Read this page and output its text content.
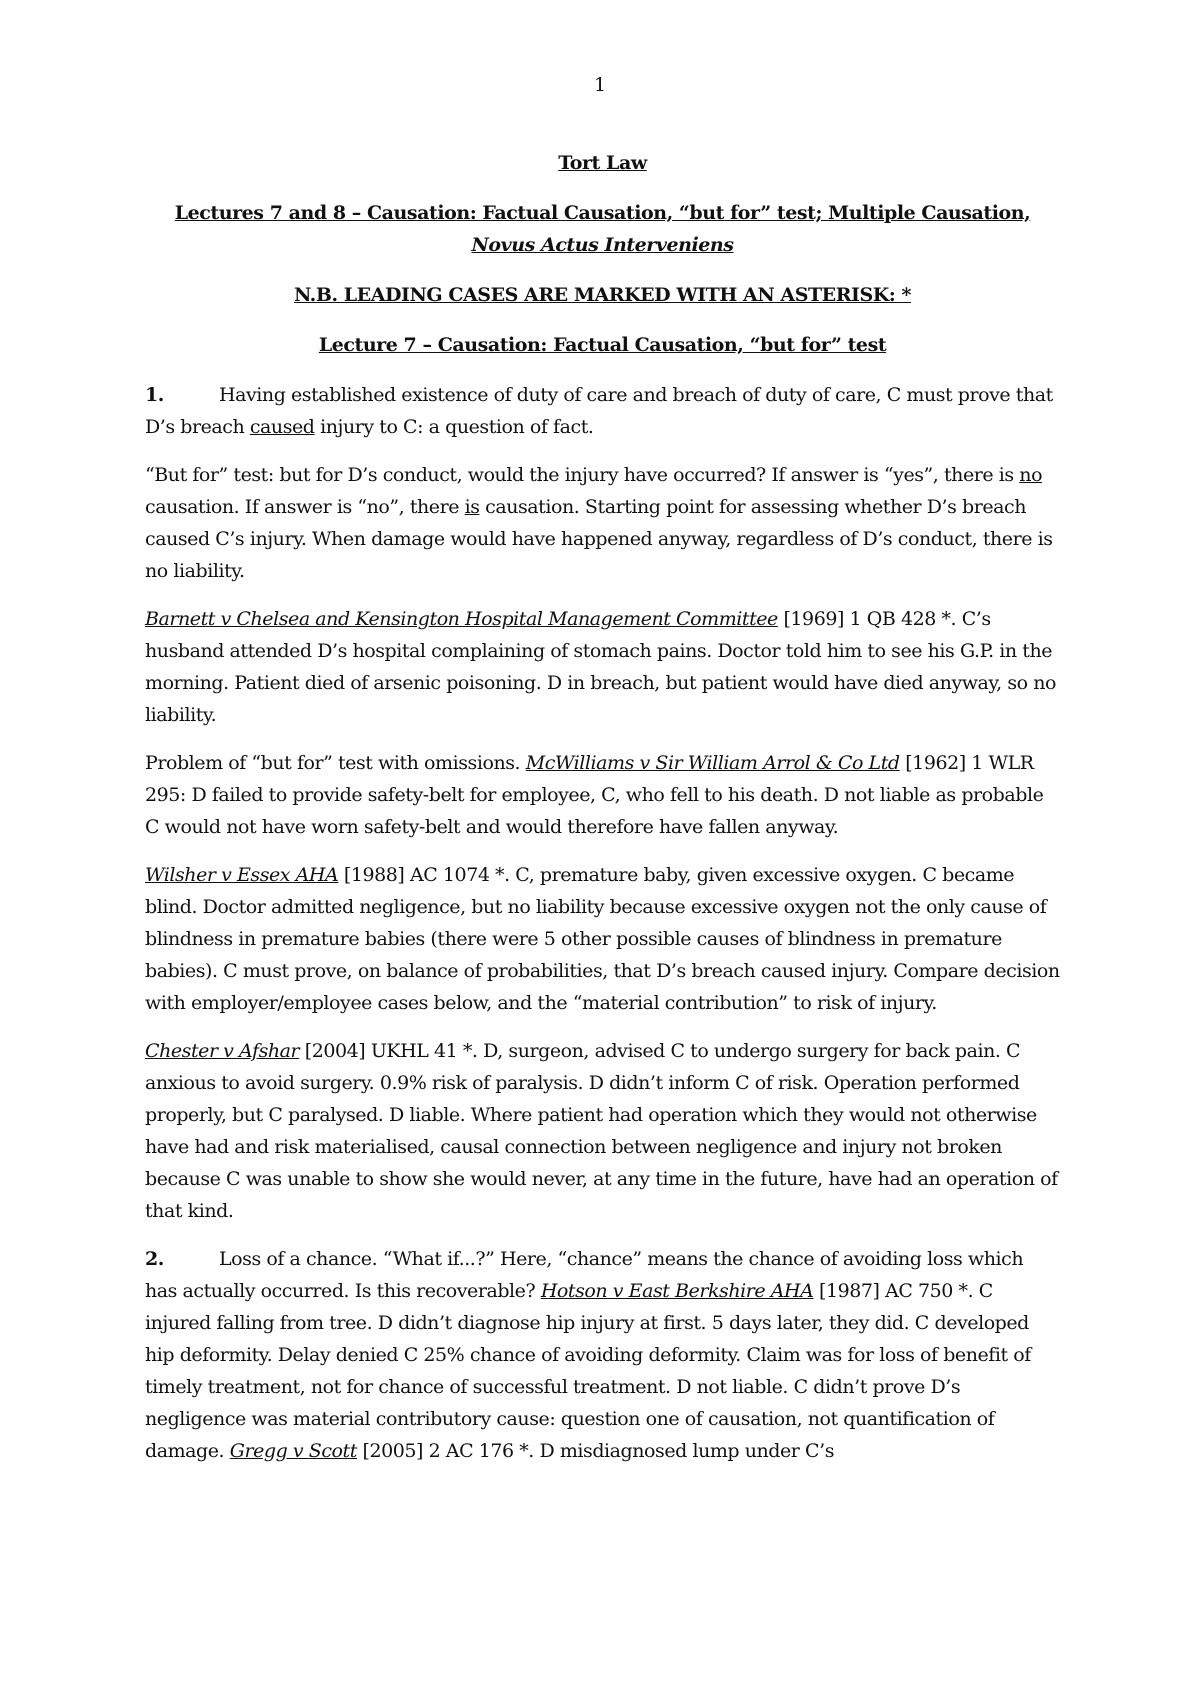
1
Tort Law
Lectures 7 and 8 – Causation: Factual Causation, “but for” test; Multiple Causation,
Novus Actus Interveniens
N.B. LEADING CASES ARE MARKED WITH AN ASTERISK: *
Lecture 7 – Causation: Factual Causation, “but for” test

1.	Having established existence of duty of care and breach of duty of care, C must prove that D’s breach caused injury to C: a question of fact.

“But for” test: but for D’s conduct, would the injury have occurred? If answer is “yes”, there is no causation. If answer is “no”, there is causation. Starting point for assessing whether D’s breach caused C’s injury. When damage would have happened anyway, regardless of D’s conduct, there is no liability.

Barnett v Chelsea and Kensington Hospital Management Committee [1969] 1 QB 428 *. C’s husband attended D’s hospital complaining of stomach pains. Doctor told him to see his G.P. in the morning. Patient died of arsenic poisoning. D in breach, but patient would have died anyway, so no liability.

Problem of “but for” test with omissions. McWilliams v Sir William Arrol & Co Ltd [1962] 1 WLR 295: D failed to provide safety-belt for employee, C, who fell to his death. D not liable as probable C would not have worn safety-belt and would therefore have fallen anyway.

Wilsher v Essex AHA [1988] AC 1074 *. C, premature baby, given excessive oxygen. C became blind. Doctor admitted negligence, but no liability because excessive oxygen not the only cause of blindness in premature babies (there were 5 other possible causes of blindness in premature babies). C must prove, on balance of probabilities, that D’s breach caused injury. Compare decision with employer/employee cases below, and the “material contribution” to risk of injury.

Chester v Afshar [2004] UKHL 41 *. D, surgeon, advised C to undergo surgery for back pain. C anxious to avoid surgery. 0.9% risk of paralysis. D didn’t inform C of risk. Operation performed properly, but C paralysed. D liable. Where patient had operation which they would not otherwise have had and risk materialised, causal connection between negligence and injury not broken because C was unable to show she would never, at any time in the future, have had an operation of that kind.

2.	Loss of a chance. “What if...?” Here, “chance” means the chance of avoiding loss which has actually occurred. Is this recoverable? Hotson v East Berkshire AHA [1987] AC 750 *. C injured falling from tree. D didn’t diagnose hip injury at first. 5 days later, they did. C developed hip deformity. Delay denied C 25% chance of avoiding deformity. Claim was for loss of benefit of timely treatment, not for chance of successful treatment. D not liable. C didn’t prove D’s negligence was material contributory cause: question one of causation, not quantification of damage. Gregg v Scott [2005] 2 AC 176 *. D misdiagnosed lump under C’s
